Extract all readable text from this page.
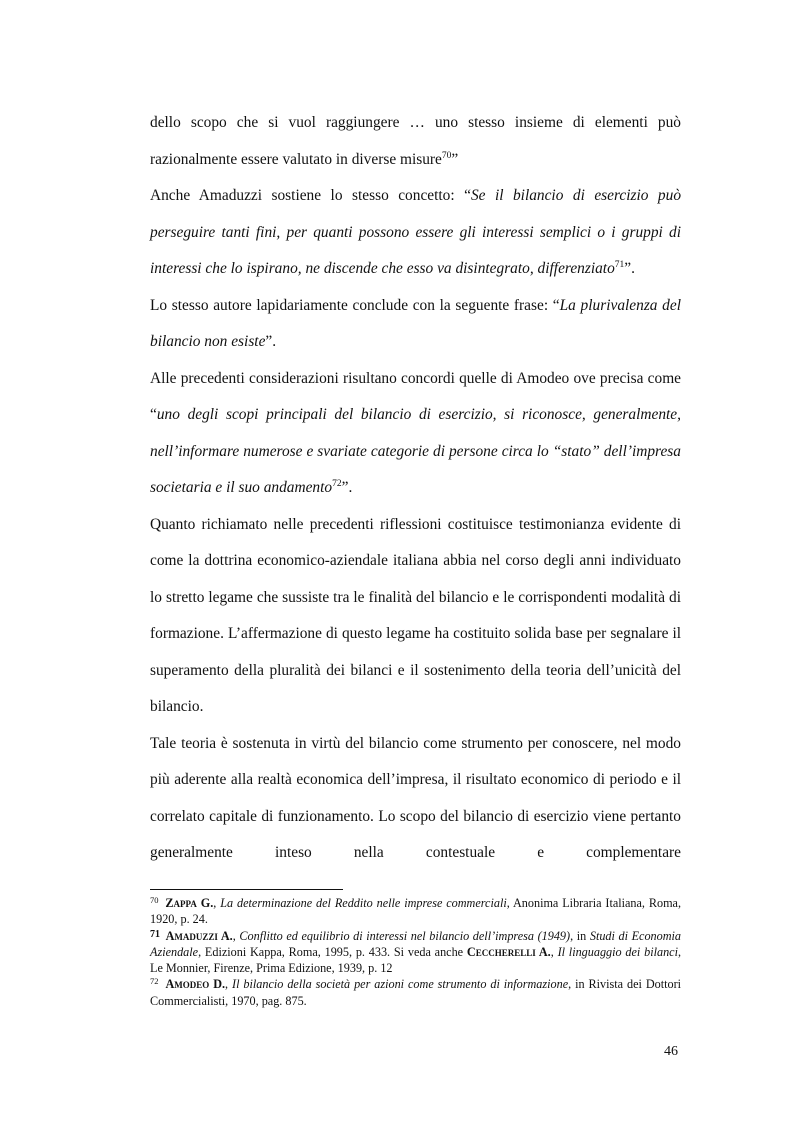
dello scopo che si vuol raggiungere … uno stesso insieme di elementi può razionalmente essere valutato in diverse misure$^{70}$”

Anche Amaduzzi sostiene lo stesso concetto: “Se il bilancio di esercizio può perseguire tanti fini, per quanti possono essere gli interessi semplici o i gruppi di interessi che lo ispirano, ne discende che esso va disintegrato, differenziato$^{71}$”.

Lo stesso autore lapidariamente conclude con la seguente frase: “La plurivalenza del bilancio non esiste”.

Alle precedenti considerazioni risultano concordi quelle di Amodeo ove precisa come “uno degli scopi principali del bilancio di esercizio, si riconosce, generalmente, nell’informare numerose e svariate categorie di persone circa lo “stato” dell’impresa societaria e il suo andamento$^{72}$”.

Quanto richiamato nelle precedenti riflessioni costituisce testimonianza evidente di come la dottrina economico-aziendale italiana abbia nel corso degli anni individuato lo stretto legame che sussiste tra le finalità del bilancio e le corrispondenti modalità di formazione. L’affermazione di questo legame ha costituito solida base per segnalare il superamento della pluralità dei bilanci e il sostenimento della teoria dell’unicità del bilancio.

Tale teoria è sostenuta in virtù del bilancio come strumento per conoscere, nel modo più aderente alla realtà economica dell’impresa, il risultato economico di periodo e il correlato capitale di funzionamento. Lo scopo del bilancio di esercizio viene pertanto generalmente inteso nella contestuale e complementare

$^{70}$ Zappa G., La determinazione del Reddito nelle imprese commerciali, Anonima Libraria Italiana, Roma, 1920, p. 24.

$^{71}$ Amaduzzi A., Conflitto ed equilibrio di interessi nel bilancio dell’impresa (1949), in Studi di Economia Aziendale, Edizioni Kappa, Roma, 1995, p. 433. Si veda anche Ceccherelli A., Il linguaggio dei bilanci, Le Monnier, Firenze, Prima Edizione, 1939, p. 12

$^{72}$ Amodeo D., Il bilancio della società per azioni come strumento di informazione, in Rivista dei Dottori Commercialisti, 1970, pag. 875.

46
